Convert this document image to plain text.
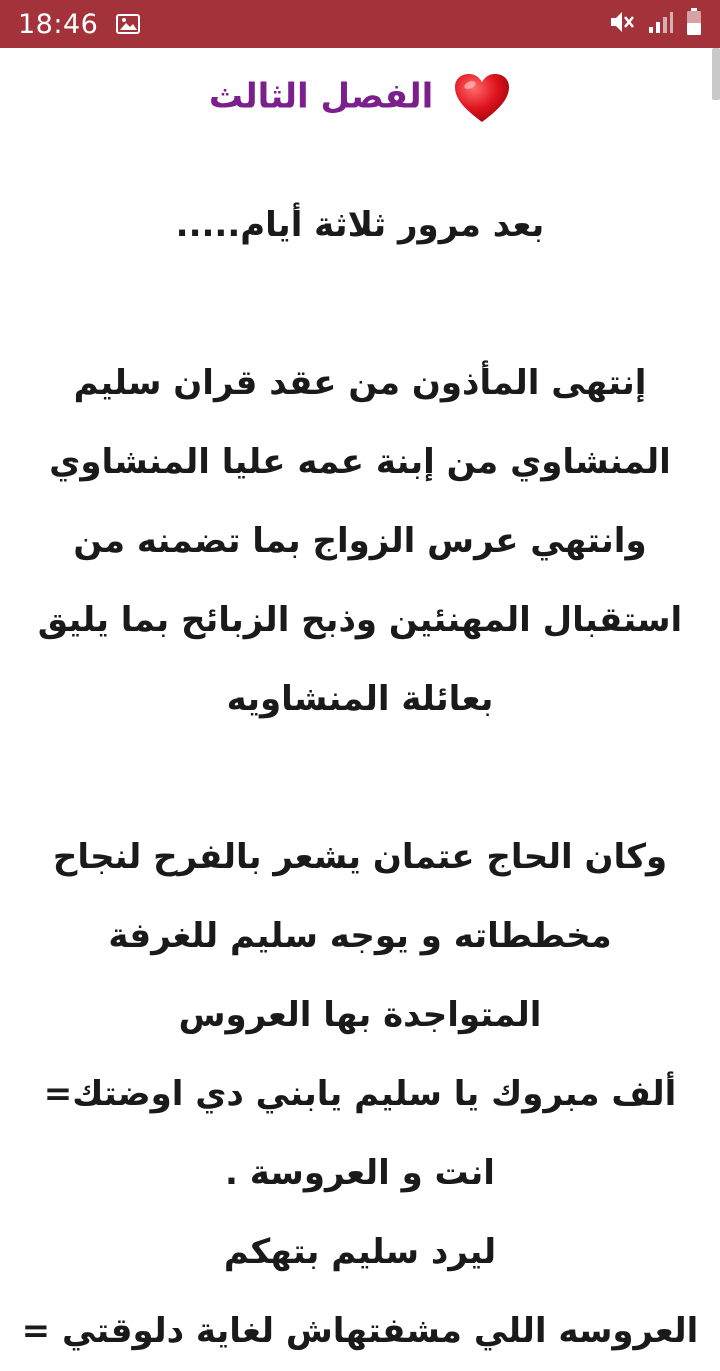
18:46
الفصل الثالث
بعد مرور ثلاثة أيام.....
إنتهى المأذون من عقد قران سليم
المنشاوي من إبنة عمه عليا المنشاوي
وانتهي عرس الزواج بما تضمنه من
استقبال المهنئين وذبح الزبائح بما يليق
بعائلة المنشاويه
وكان الحاج عتمان يشعر بالفرح لنجاح
مخططاته و يوجه سليم للغرفة
المتواجدة بها العروس
ألف مبروك يا سليم يابني دي اوضتك=
انت و العروسة .
ليرد سليم بتهكم
العروسه اللي مشفتهاش لغاية دلوقتي =
